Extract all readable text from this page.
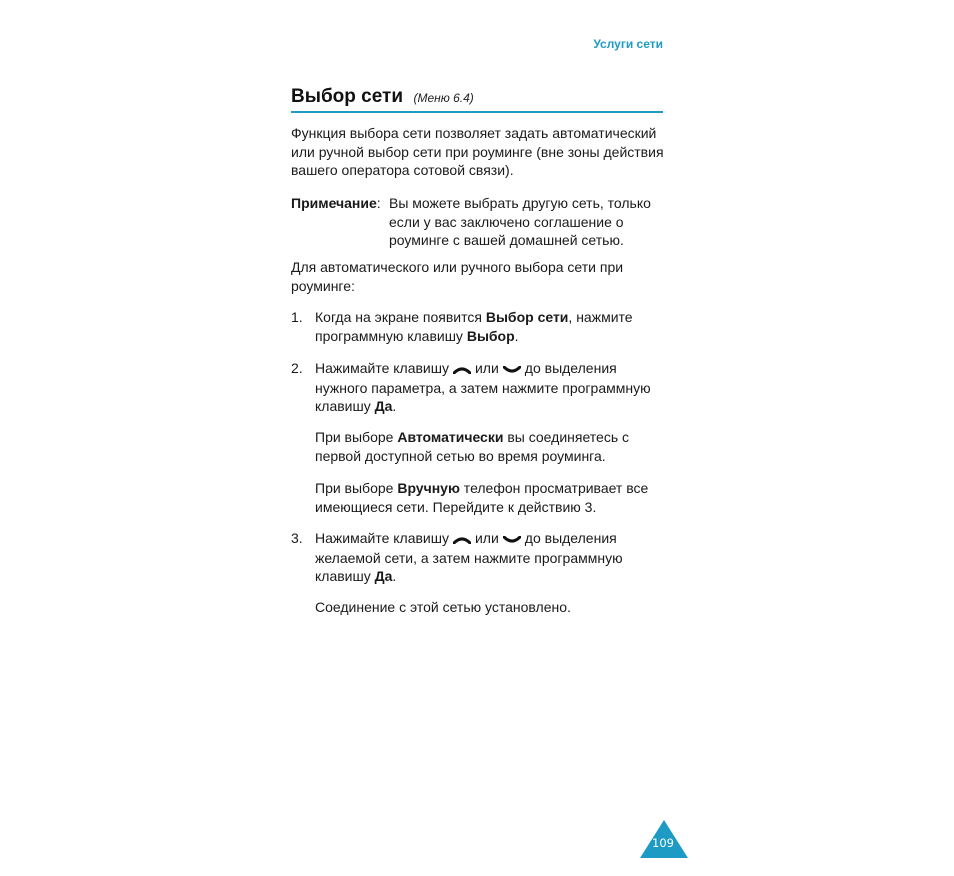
Услуги сети
Выбор сети (Меню 6.4)

Функция выбора сети позволяет задать автоматический или ручной выбор сети при роуминге (вне зоны действия вашего оператора сотовой связи).

Примечание: Вы можете выбрать другую сеть, только если у вас заключено соглашение о роуминге с вашей домашней сетью.

Для автоматического или ручного выбора сети при роуминге:

1. Когда на экране появится Выбор сети, нажмите программную клавишу Выбор.
2. Нажимайте клавишу или до выделения нужного параметра, а затем нажмите программную клавишу Да.
При выборе Автоматически вы соединяетесь с первой доступной сетью во время роуминга.
При выборе Вручную телефон просматривает все имеющиеся сети. Перейдите к действию 3.
3. Нажимайте клавишу или до выделения желаемой сети, а затем нажмите программную клавишу Да.
Соединение с этой сетью установлено.
109
